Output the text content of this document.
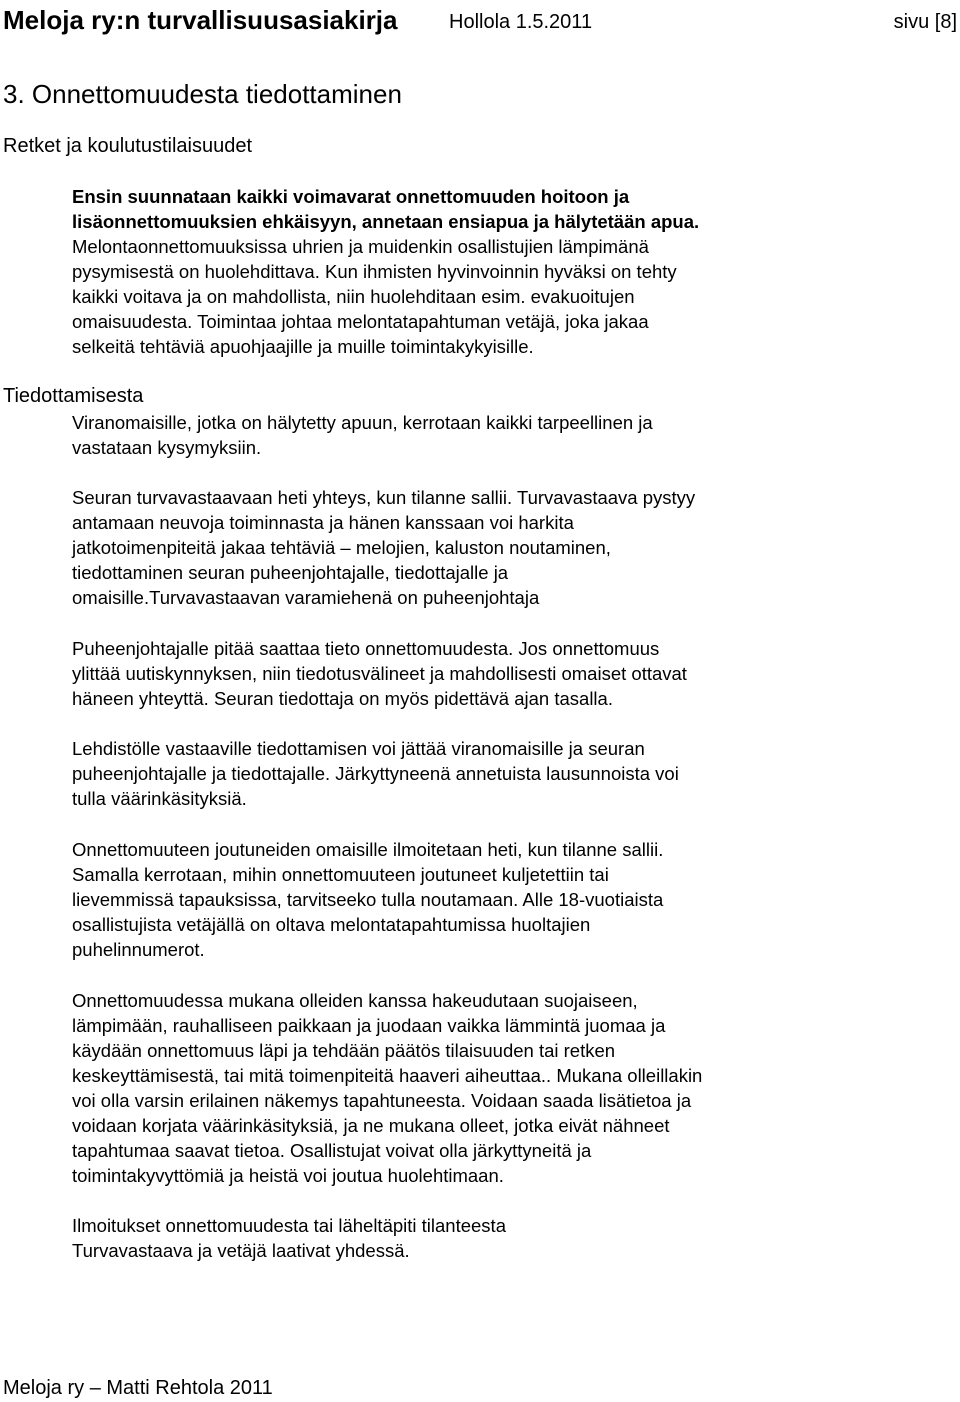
Meloja ry:n turvallisuusasiakirja	Hollola 1.5.2011	sivu [8]
3. Onnettomuudesta tiedottaminen
Retket ja koulutustilaisuudet
Ensin suunnataan kaikki voimavarat onnettomuuden hoitoon ja
lisäonnettomuuksien ehkäisyyn, annetaan ensiapua ja hälytetään apua.
Melontaonnettomuuksissa uhrien ja muidenkin osallistujien lämpimänä
pysymisestä on huolehdittava. Kun ihmisten hyvinvoinnin hyväksi on tehty
kaikki voitava ja on mahdollista, niin huolehditaan esim. evakuoitujen
omaisuudesta. Toimintaa johtaa melontatapahtuman vetäjä, joka jakaa
selkeitä tehtäviä apuohjaajille ja muille toimintakykyisille.
Tiedottamisesta
Viranomaisille, jotka on hälytetty apuun, kerrotaan kaikki tarpeellinen ja
vastataan kysymyksiin.
Seuran turvavastaavaan heti yhteys, kun tilanne sallii. Turvavastaava pystyy
antamaan neuvoja toiminnasta ja hänen kanssaan voi harkita
jatkotoimenpiteitä jakaa tehtäviä – melojien, kaluston noutaminen,
tiedottaminen seuran puheenjohtajalle, tiedottajalle ja
omaisille.Turvavastaavan varamiehenä on puheenjohtaja
Puheenjohtajalle pitää saattaa tieto onnettomuudesta. Jos onnettomuus
ylittää uutiskynnyksen, niin tiedotusvälineet ja mahdollisesti omaiset ottavat
häneen yhteyttä. Seuran tiedottaja on myös pidettävä ajan tasalla.
Lehdistölle vastaaville tiedottamisen voi jättää viranomaisille ja seuran
puheenjohtajalle ja tiedottajalle. Järkyttyneenä annetuista lausunnoista voi
tulla väärinkäsityksiä.
Onnettomuuteen joutuneiden omaisille ilmoitetaan heti, kun tilanne sallii.
Samalla kerrotaan, mihin onnettomuuteen joutuneet kuljetettiin tai
lievemmissä tapauksissa, tarvitseeko tulla noutamaan. Alle 18-vuotiaista
osallistujista vetäjällä on oltava melontatapahtumissa huoltajien
puhelinnumerot.
Onnettomuudessa mukana olleiden kanssa hakeudutaan suojaiseen,
lämpimään, rauhalliseen paikkaan ja juodaan vaikka lämmintä juomaa ja
käydään onnettomuus läpi ja tehdään päätös tilaisuuden tai retken
keskeyttämisestä, tai mitä toimenpiteitä haaveri aiheuttaa.. Mukana olleillakin
voi olla varsin erilainen näkemys tapahtuneesta. Voidaan saada lisätietoa ja
voidaan korjata väärinkäsityksiä, ja ne mukana olleet, jotka eivät nähneet
tapahtumaa saavat tietoa. Osallistujat voivat olla järkyttyneitä ja
toimintakyvyttömiä ja heistä voi joutua huolehtimaan.
Ilmoitukset onnettomuudesta tai läheltäpiti tilanteesta
Turvavastaava ja vetäjä laativat yhdessä.
Meloja ry – Matti Rehtola 2011
